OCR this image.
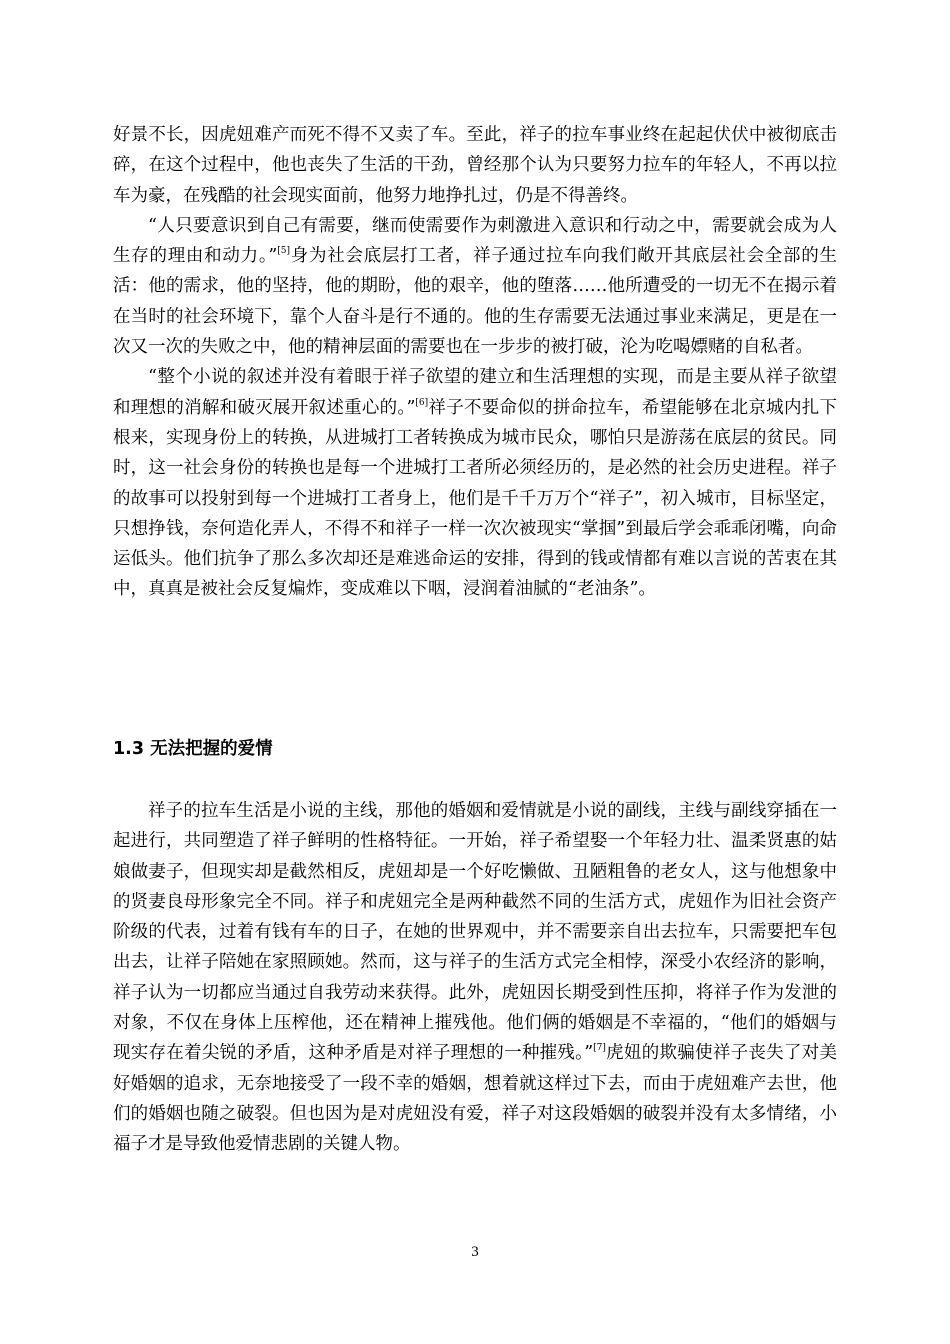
好景不长，因虎妞难产而死不得不又卖了车。至此，祥子的拉车事业终在起起伏伏中被彻底击碎，在这个过程中，他也丧失了生活的干劲，曾经那个认为只要努力拉车的年轻人，不再以拉车为豪，在残酷的社会现实面前，他努力地挣扎过，仍是不得善终。

“人只要意识到自己有需要，继而使需要作为刺激进入意识和行动之中，需要就会成为人生存的理由和动力。”[5]身为社会底层打工者，祥子通过拉车向我们敞开其底层社会全部的生活：他的需求，他的坚持，他的期盼，他的艰辛，他的堕落……他所遭受的一切无不在揭示着在当时的社会环境下，靠个人奋斗是行不通的。他的生存需要无法通过事业来满足，更是在一次又一次的失败之中，他的精神层面的需要也在一步步的被打破，沦为吃喝嫖赌的自私者。

“整个小说的叙述并没有着眼于祥子欲望的建立和生活理想的实现，而是主要从祥子欲望和理想的消解和破灭展开叙述重心的。”[6]祥子不要命似的拼命拉车，希望能够在北京城内扎下根来，实现身份上的转换，从进城打工者转换成为城市民众，哪怕只是游荡在底层的贫民。同时，这一社会身份的转换也是每一个进城打工者所必须经历的，是必然的社会历史进程。祥子的故事可以投射到每一个进城打工者身上，他们是千千万万个“祥子”，初入城市，目标坚定，只想挣钱，奈何造化弄人，不得不和祥子一样一次次被现实“掌掴”到最后学会乖乖闭嘴，向命运低头。他们抗争了那么多次却还是难逃命运的安排，得到的钱或情都有难以言说的苦衷在其中，真真是被社会反复煸炸，变成难以下咽，浸润着油腻的“老油条”。

1.3 无法把握的爱情

祥子的拉车生活是小说的主线，那他的婚姻和爱情就是小说的副线，主线与副线穿插在一起进行，共同塑造了祥子鲜明的性格特征。一开始，祥子希望娶一个年轻力壮、温柔贤惠的姑娘做妻子，但现实却是截然相反，虎妞却是一个好吃懒做、丑陋粗鲁的老女人，这与他想象中的贤妻良母形象完全不同。祥子和虎妞完全是两种截然不同的生活方式，虎妞作为旧社会资产阶级的代表，过着有钱有车的日子，在她的世界观中，并不需要亲自出去拉车，只需要把车包出去，让祥子陪她在家照顾她。然而，这与祥子的生活方式完全相悖，深受小农经济的影响，祥子认为一切都应当通过自我劳动来获得。此外，虎妞因长期受到性压抑，将祥子作为发泄的对象，不仅在身体上压榨他，还在精神上摧残他。他们俩的婚姻是不幸福的，“他们的婚姻与现实存在着尖锐的矛盾，这种矛盾是对祥子理想的一种摧残。”[7]虎妞的欺骗使祥子丧失了对美好婚姻的追求，无奈地接受了一段不幸的婚姻，想着就这样过下去，而由于虎妞难产去世，他们的婚姻也随之破裂。但也因为是对虎妞没有爱，祥子对这段婚姻的破裂并没有太多情绪，小福子才是导致他爱情悲剧的关键人物。

3
